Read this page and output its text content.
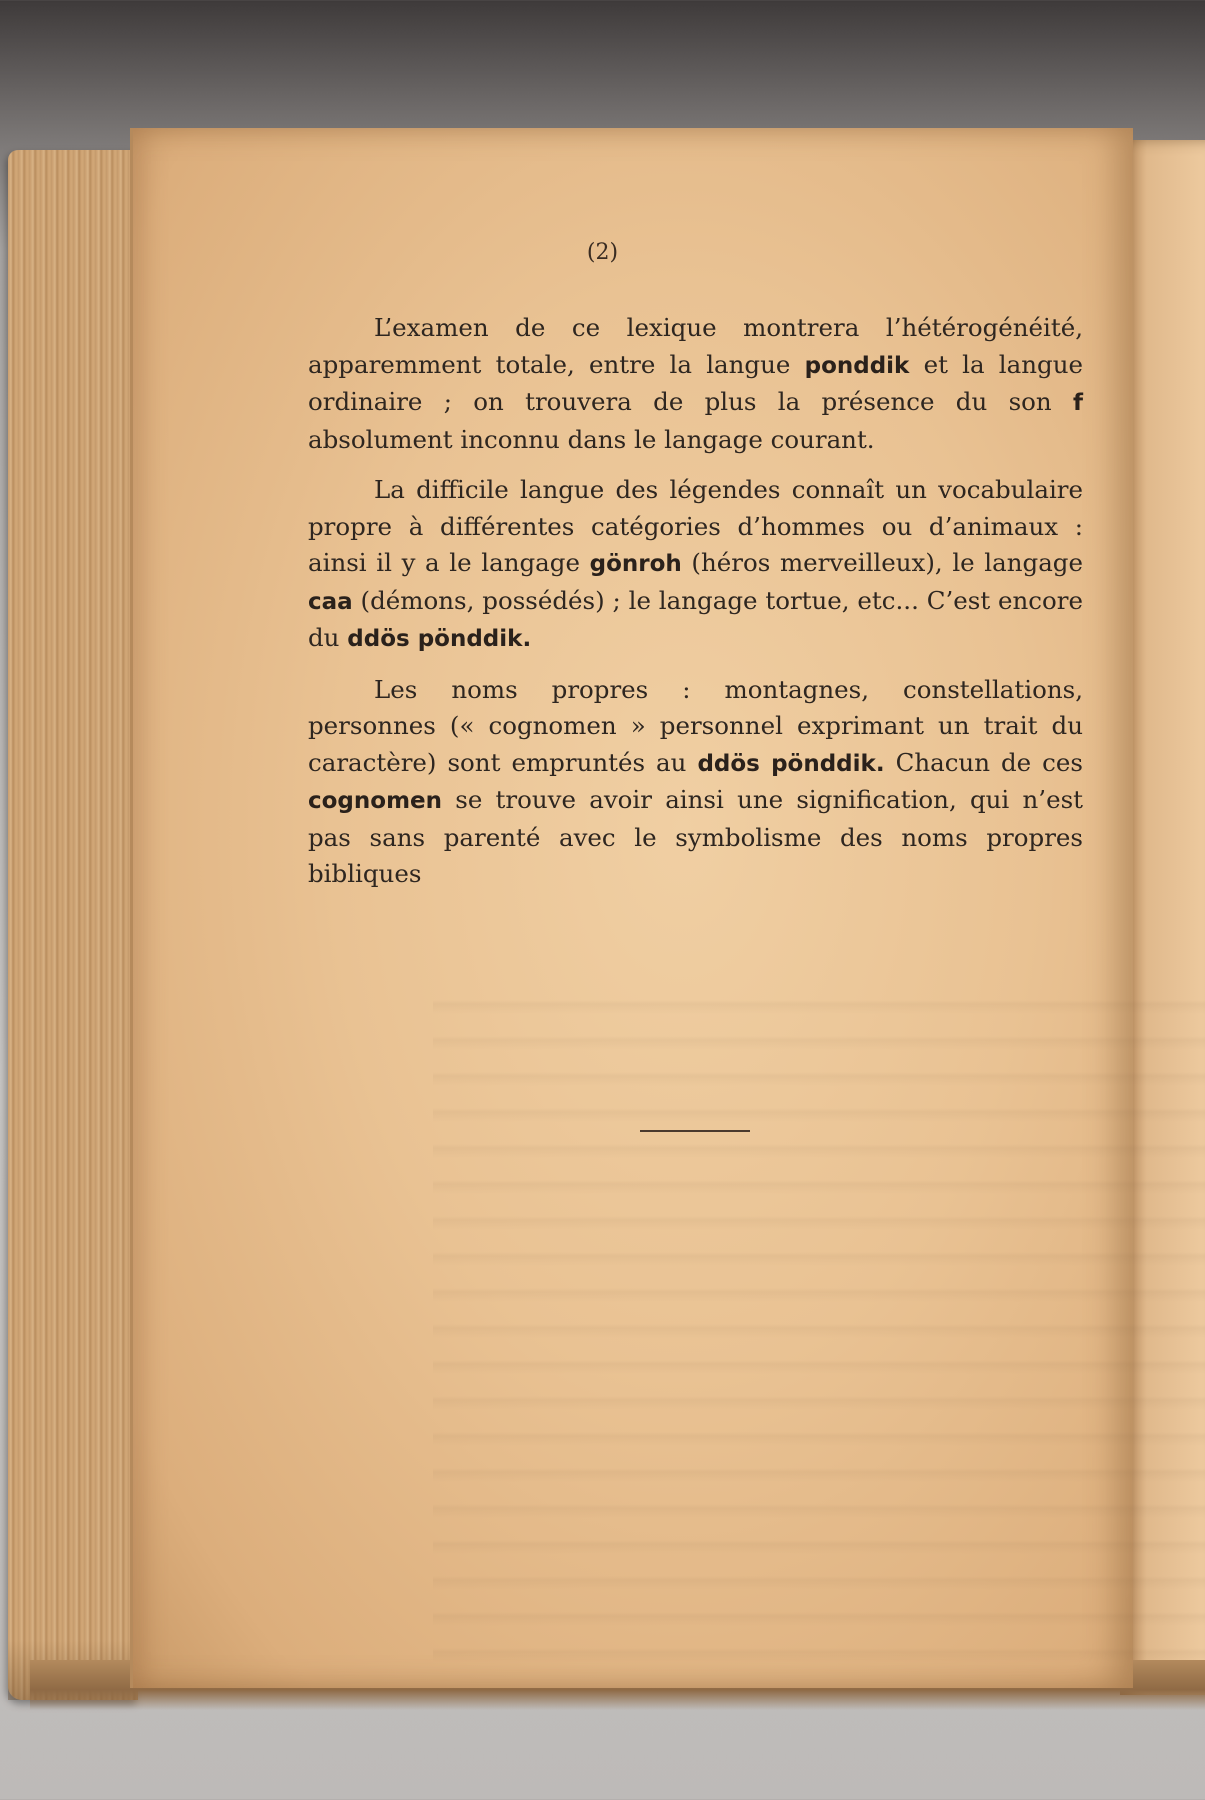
(2)

L’examen de ce lexique montrera l’hétérogénéité, apparemment totale, entre la langue ponddik et la langue ordinaire ; on trouvera de plus la présence du son f absolument inconnu dans le langage courant.

La difficile langue des légendes connaît un vocabulaire propre à différentes catégories d’hommes ou d’animaux : ainsi il y a le langage gönroh (héros merveilleux), le langage caa (démons, possédés) ; le langage tortue, etc... C’est encore du ddös pönddik.

Les noms propres : montagnes, constellations, personnes (« cognomen » personnel exprimant un trait du caractère) sont empruntés au ddös pönddik. Chacun de ces cognomen se trouve avoir ainsi une signification, qui n’est pas sans parenté avec le symbolisme des noms propres bibliques
